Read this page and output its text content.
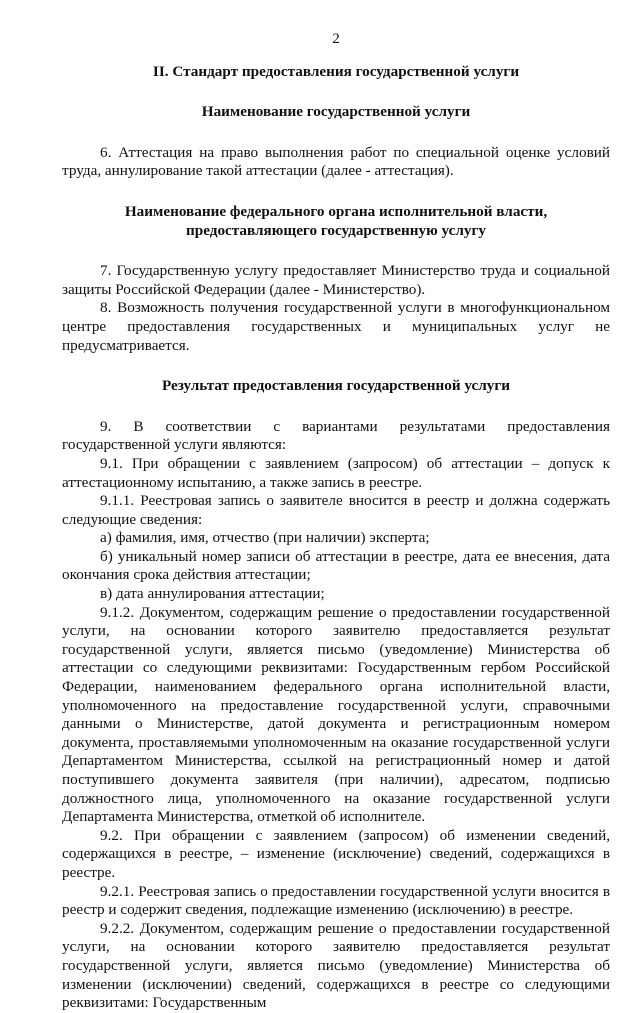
2
II. Стандарт предоставления государственной услуги
Наименование государственной услуги

6. Аттестация на право выполнения работ по специальной оценке условий труда, аннулирование такой аттестации (далее - аттестация).

Наименование федерального органа исполнительной власти,
предоставляющего государственную услугу

7. Государственную услугу предоставляет Министерство труда и социальной защиты Российской Федерации (далее - Министерство).

8. Возможность получения государственной услуги в многофункциональном центре предоставления государственных и муниципальных услуг не предусматривается.

Результат предоставления государственной услуги

9. В соответствии с вариантами результатами предоставления государственной услуги являются:

9.1. При обращении с заявлением (запросом) об аттестации – допуск к аттестационному испытанию, а также запись в реестре.

9.1.1. Реестровая запись о заявителе вносится в реестр и должна содержать следующие сведения:

а) фамилия, имя, отчество (при наличии) эксперта;

б) уникальный номер записи об аттестации в реестре, дата ее внесения, дата окончания срока действия аттестации;

в) дата аннулирования аттестации;

9.1.2. Документом, содержащим решение о предоставлении государственной услуги, на основании которого заявителю предоставляется результат государственной услуги, является письмо (уведомление) Министерства об аттестации со следующими реквизитами: Государственным гербом Российской Федерации, наименованием федерального органа исполнительной власти, уполномоченного на предоставление государственной услуги, справочными данными о Министерстве, датой документа и регистрационным номером документа, проставляемыми уполномоченным на оказание государственной услуги Департаментом Министерства, ссылкой на регистрационный номер и датой поступившего документа заявителя (при наличии), адресатом, подписью должностного лица, уполномоченного на оказание государственной услуги Департамента Министерства, отметкой об исполнителе.

9.2. При обращении с заявлением (запросом) об изменении сведений, содержащихся в реестре, – изменение (исключение) сведений, содержащихся в реестре.

9.2.1. Реестровая запись о предоставлении государственной услуги вносится в реестр и содержит сведения, подлежащие изменению (исключению) в реестре.

9.2.2. Документом, содержащим решение о предоставлении государственной услуги, на основании которого заявителю предоставляется результат государственной услуги, является письмо (уведомление) Министерства об изменении (исключении) сведений, содержащихся в реестре со следующими реквизитами: Государственным
